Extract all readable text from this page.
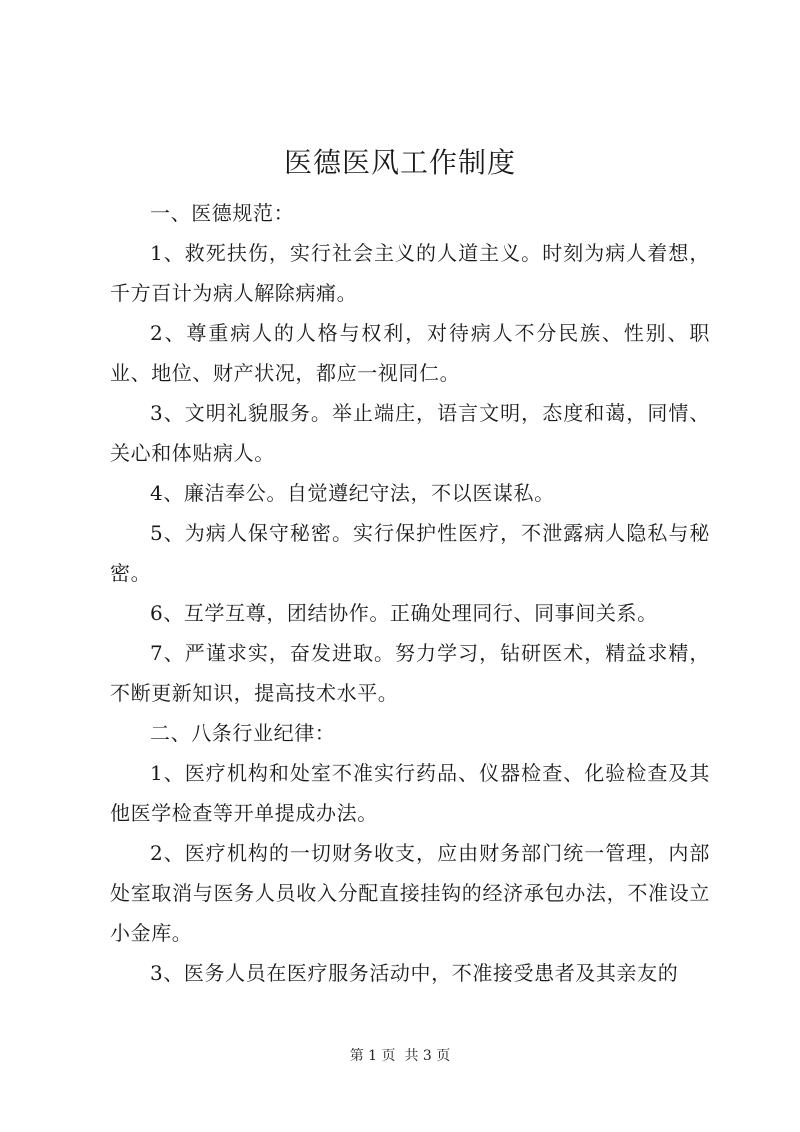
医德医风工作制度

一、医德规范：

1、救死扶伤，实行社会主义的人道主义。时刻为病人着想，千方百计为病人解除病痛。

2、尊重病人的人格与权利，对待病人不分民族、性别、职业、地位、财产状况，都应一视同仁。

3、文明礼貌服务。举止端庄，语言文明，态度和蔼，同情、关心和体贴病人。

4、廉洁奉公。自觉遵纪守法，不以医谋私。

5、为病人保守秘密。实行保护性医疗，不泄露病人隐私与秘密。

6、互学互尊，团结协作。正确处理同行、同事间关系。

7、严谨求实，奋发进取。努力学习，钻研医术，精益求精，不断更新知识，提高技术水平。

二、八条行业纪律：

1、医疗机构和处室不准实行药品、仪器检查、化验检查及其他医学检查等开单提成办法。

2、医疗机构的一切财务收支，应由财务部门统一管理，内部处室取消与医务人员收入分配直接挂钩的经济承包办法，不准设立小金库。

3、医务人员在医疗服务活动中，不准接受患者及其亲友的

第 1 页  共 3 页
